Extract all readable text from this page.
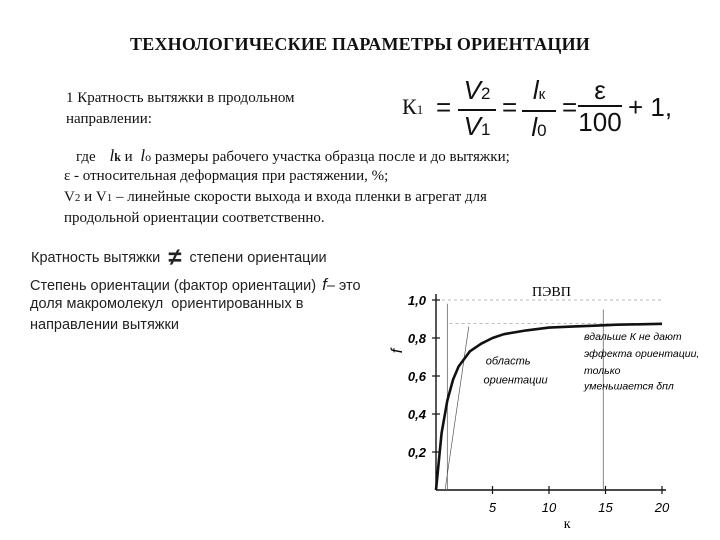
ТЕХНОЛОГИЧЕСКИЕ ПАРАМЕТРЫ ОРИЕНТАЦИИ
1 Кратность вытяжки в продольном
направлении:	К1 =
V2
V1
=
lк
l0
=
ε
100 + 1,
где lk и lo размеры рабочего участка образца после и до вытяжки;
ε - относительная деформация при растяжении, %;
V2 и V1 – линейные скорости выхода и входа пленки в агрегат для
продольной ориентации соответственно.
Кратность вытяжки ≠ степени ориентации
Степень ориентации (фактор ориентации) f– это
доля макромолекул  ориентированных в
направлении вытяжки
5	10	15	20
0,2
0,4
0,6
0,8
1,0
ПЭВП
f
к
область
ориентации
вдальше К не дают
эффекта ориентации,
только
уменьшается δпл
